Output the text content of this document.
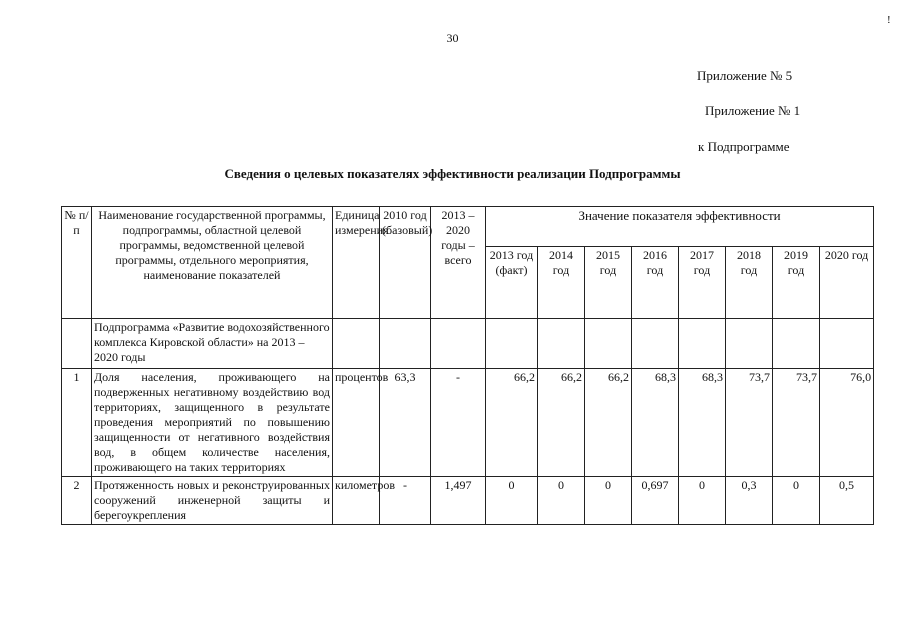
30
!
Приложение № 5
Приложение № 1
к Подпрограмме
Сведения о целевых показателях эффективности реализации Подпрограммы
№ п/п	Наименование государственной программы, подпрограммы, областной целевой программы, ведомственной целевой программы, отдельного мероприятия, наименование показателей	Единица измерения	2010 год (базовый)	2013 – 2020 годы – всего	Значение показателя эффективности							
					2013 год (факт)	2014 год	2015 год	2016 год	2017 год	2018 год	2019 год	2020 год
	Подпрограмма «Развитие водохозяйственного комплекса Кировской области» на 2013 – 2020 годы											
1	Доля населения, проживающего на подверженных негативному воздействию вод территориях, защищенного в результате проведения мероприятий по повышению защищенности от негативного воздействия вод, в общем количестве населения, проживающего на таких территориях	процентов	63,3	-	66,2	66,2	66,2	68,3	68,3	73,7	73,7	76,0
2	Протяженность новых и реконструированных сооружений инженерной защиты и берегоукрепления	километров	-	1,497	0	0	0	0,697	0	0,3	0	0,5
